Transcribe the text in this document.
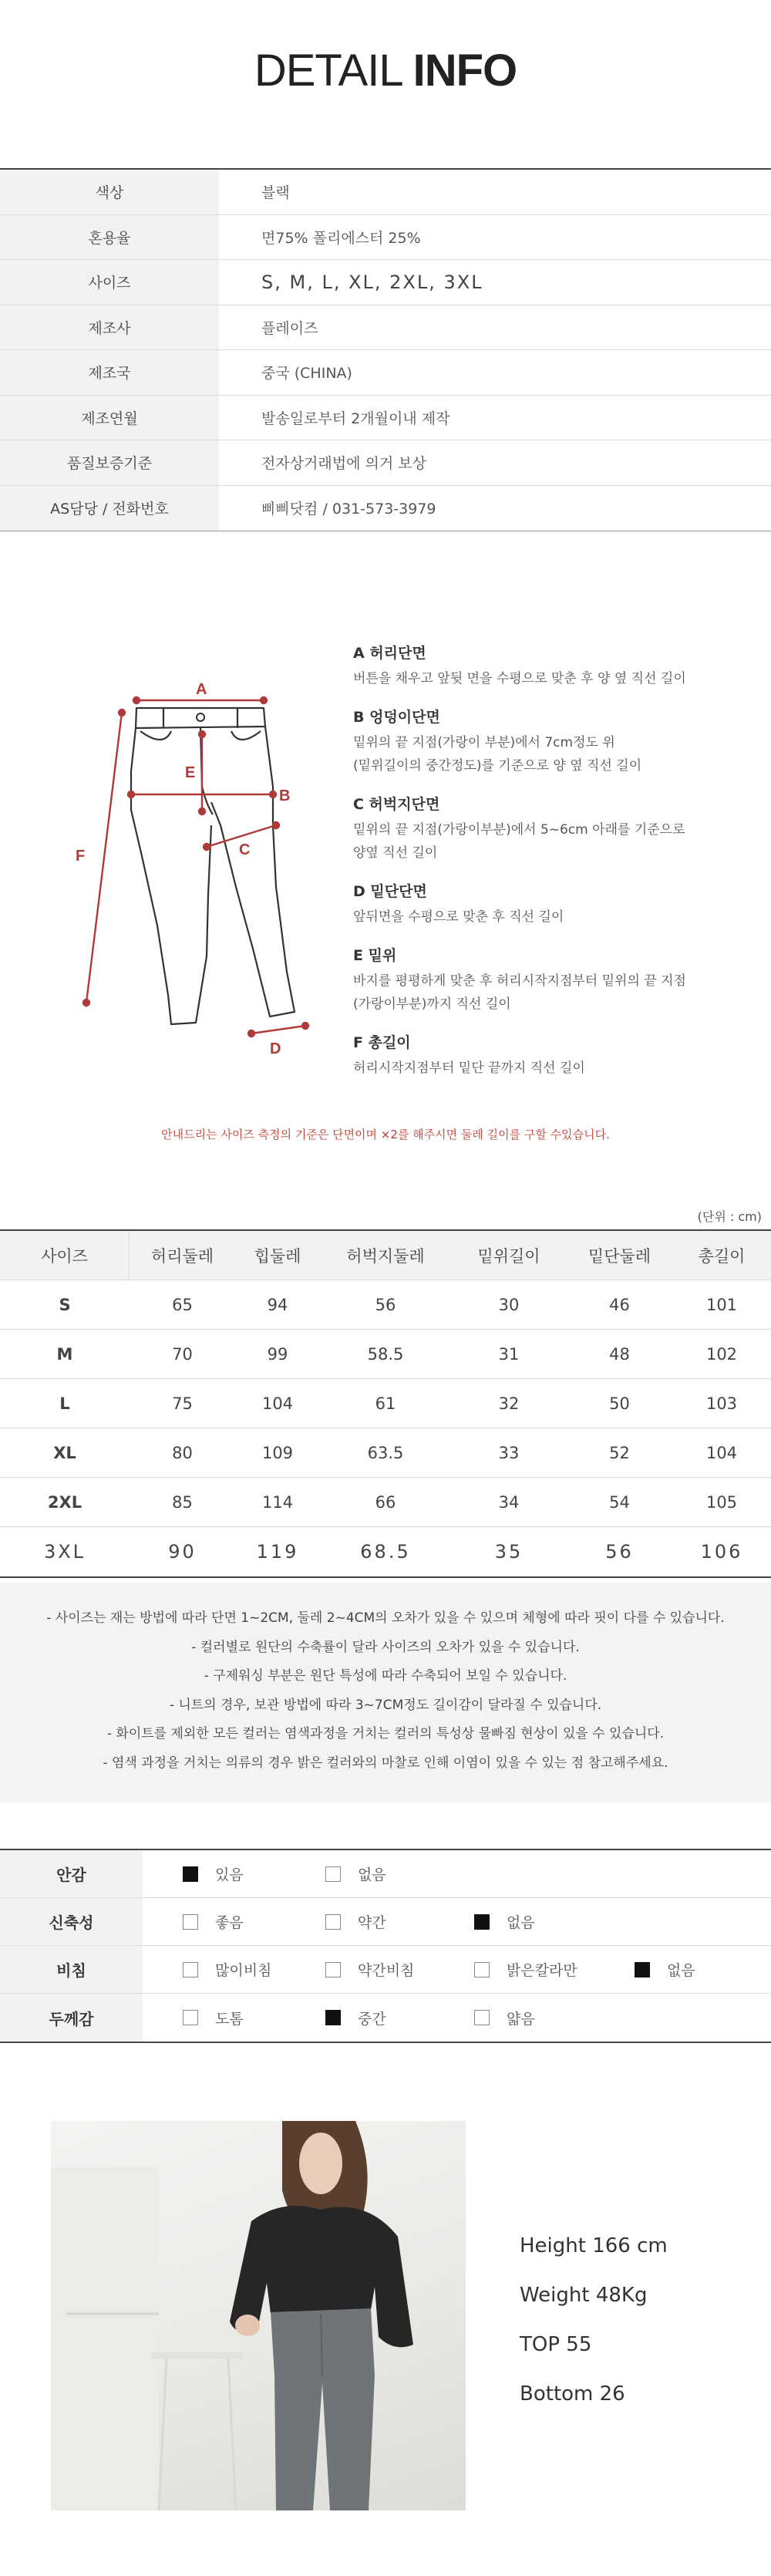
DETAIL INFO
색상	블랙
혼용율	면75% 폴리에스터 25%
사이즈	S, M, L, XL, 2XL, 3XL
제조사	플레이즈
제조국	중국 (CHINA)
제조연월	발송일로부터 2개월이내 제작
품질보증기준	전자상거래법에 의거 보상
AS담당 / 전화번호	삐삐닷컴 / 031-573-3979
A
B
C
D
E
F
A 허리단면
버튼을 채우고 앞뒷 면을 수평으로 맞춘 후 양 옆 직선 길이
B 엉덩이단면
밑위의 끝 지점(가랑이 부분)에서 7cm정도 위
(밑위길이의 중간정도)를 기준으로 양 옆 직선 길이
C 허벅지단면
밑위의 끝 지점(가랑이부분)에서 5~6cm 아래를 기준으로
양옆 직선 길이
D 밑단단면
앞뒤면을 수평으로 맞춘 후 직선 길이
E 밑위
바지를 평평하게 맞춘 후 허리시작지점부터 밑위의 끝 지점
(가랑이부분)까지 직선 길이
F 총길이
허리시작지점부터 밑단 끝까지 직선 길이
안내드리는 사이즈 측정의 기준은 단면이며 ×2를 해주시면 둘레 길이를 구할 수있습니다.
(단위 : cm)
사이즈	허리둘레	힙둘레	허벅지둘레	밑위길이	밑단둘레	총길이
S	65	94	56	30	46	101
M	70	99	58.5	31	48	102
L	75	104	61	32	50	103
XL	80	109	63.5	33	52	104
2XL	85	114	66	34	54	105
3XL	90	119	68.5	35	56	106
- 사이즈는 재는 방법에 따라 단면 1~2CM, 둘레 2~4CM의 오차가 있을 수 있으며 체형에 따라 핏이 다를 수 있습니다.
- 컬러별로 원단의 수축률이 달라 사이즈의 오차가 있을 수 있습니다.
- 구제워싱 부분은 원단 특성에 따라 수축되어 보일 수 있습니다.
- 니트의 경우, 보관 방법에 따라 3~7CM정도 길이감이 달라질 수 있습니다.
- 화이트를 제외한 모든 컬러는 염색과정을 거치는 컬러의 특성상 물빠짐 현상이 있을 수 있습니다.
- 염색 과정을 거치는 의류의 경우 밝은 컬러와의 마찰로 인해 이염이 있을 수 있는 점 참고해주세요.
안감	있음	없음
신축성	좋음	약간	없음
비침	많이비침	약간비침	밝은칼라만	없음
두께감	도톰	중간	얇음
Height 166 cm
Weight 48Kg
TOP 55
Bottom 26
